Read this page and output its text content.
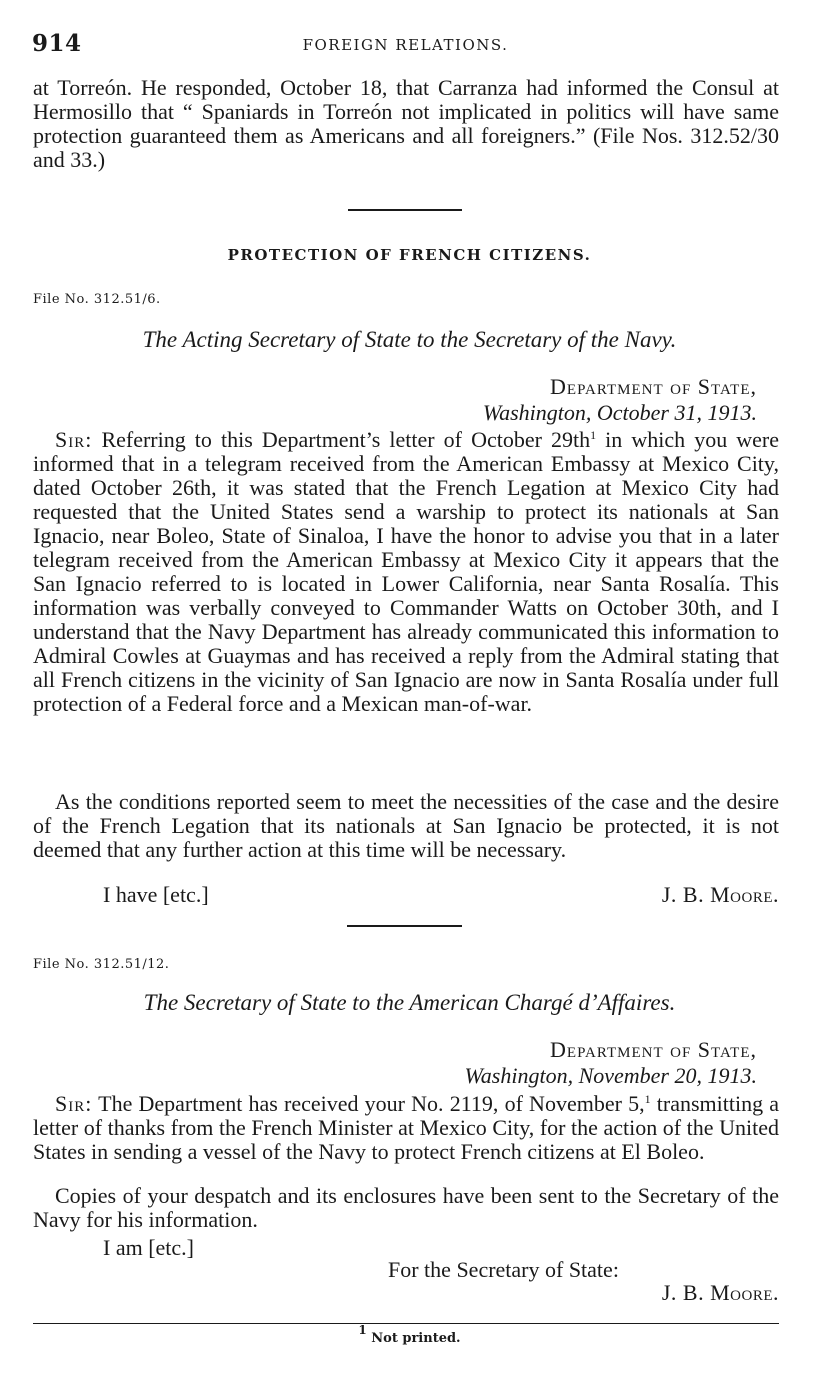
914	FOREIGN RELATIONS.

at Torreón. He responded, October 18, that Carranza had informed the Consul at Hermosillo that “ Spaniards in Torreón not implicated in politics will have same protection guaranteed them as Americans and all foreigners.” (File Nos. 312.52/30 and 33.)

PROTECTION OF FRENCH CITIZENS.
File No. 312.51/6.
The Acting Secretary of State to the Secretary of the Navy.
Department of State,
Washington, October 31, 1913.

Sir: Referring to this Department’s letter of October $29th^1$ in which you were informed that in a telegram received from the American Embassy at Mexico City, dated October 26th, it was stated that the French Legation at Mexico City had requested that the United States send a warship to protect its nationals at San Ignacio, near Boleo, State of Sinaloa, I have the honor to advise you that in a later telegram received from the American Embassy at Mexico City it appears that the San Ignacio referred to is located in Lower California, near Santa Rosalía. This information was verbally conveyed to Commander Watts on October 30th, and I understand that the Navy Department has already communicated this information to Admiral Cowles at Guaymas and has received a reply from the Admiral stating that all French citizens in the vicinity of San Ignacio are now in Santa Rosalía under full protection of a Federal force and a Mexican man-of-war.

As the conditions reported seem to meet the necessities of the case and the desire of the French Legation that its nationals at San Ignacio be protected, it is not deemed that any further action at this time will be necessary.

I have [etc.]	J. B. Moore.
File No. 312.51/12.
The Secretary of State to the American Chargé d’Affaires.
Department of State,
Washington, November 20, 1913.

Sir: The Department has received your No. 2119, of November 5,$^1$ transmitting a letter of thanks from the French Minister at Mexico City, for the action of the United States in sending a vessel of the Navy to protect French citizens at El Boleo.

Copies of your despatch and its enclosures have been sent to the Secretary of the Navy for his information.

I am [etc.]
For the Secretary of State:
J. B. Moore.
$^1$ Not printed.
